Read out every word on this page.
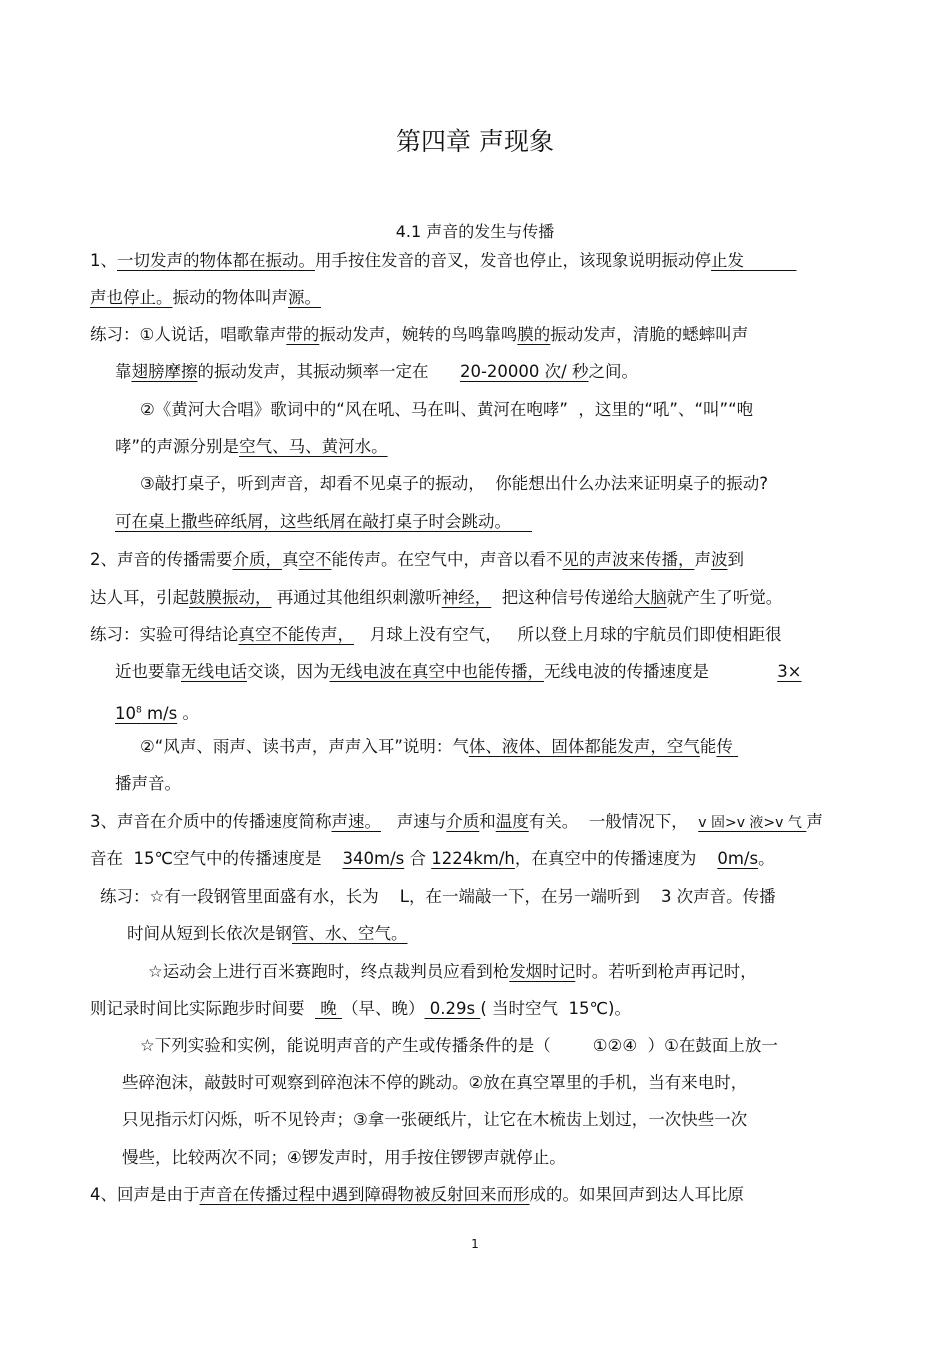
第四章 声现象
4.1 声音的发生与传播
1、一切发声的物体都在振动。用手按住发音的音叉，发音也停止，该现象说明振动停止发
声也停止。振动的物体叫声源。
练习：①人说话，唱歌靠声带的振动发声，婉转的鸟鸣靠鸣膜的振动发声，清脆的蟋蟀叫声
靠翅膀摩擦的振动发声，其振动频率一定在      20-20000 次/ 秒之间。
②《黄河大合唱》歌词中的“风在吼、马在叫、黄河在咆哮”  ，这里的“吼”、“叫”“咆
哮”的声源分别是空气、马、黄河水。
③敲打桌子，听到声音，却看不见桌子的振动，  你能想出什么办法来证明桌子的振动?
可在桌上撒些碎纸屑，这些纸屑在敲打桌子时会跳动。
2、声音的传播需要介质，真空不能传声。在空气中，声音以看不见的声波来传播，声波到
达人耳，引起鼓膜振动， 再通过其他组织刺激听神经，  把这种信号传递给大脑就产生了听觉。
练习：实验可得结论真空不能传声，   月球上没有空气，   所以登上月球的宇航员们即使相距很
近也要靠无线电话交谈，因为无线电波在真空中也能传播，无线电波的传播速度是             3×
$10^8$ m/s 。
②“风声、雨声、读书声，声声入耳”说明：气体、液体、固体都能发声，空气能传
播声音。
3、声音在介质中的传播速度简称声速。   声速与介质和温度有关。  一般情况下，  v 固>v 液>v 气 声
音在  15℃空气中的传播速度是    340m/s 合 1224km/h，在真空中的传播速度为    0m/s。
练习：☆有一段钢管里面盛有水，长为    L，在一端敲一下，在另一端听到    3 次声音。传播
时间从短到长依次是钢管、水、空气。
☆运动会上进行百米赛跑时，终点裁判员应看到枪发烟时记时。若听到枪声再记时，
则记录时间比实际跑步时间要   晚 （早、晚） 0.29s ( 当时空气  15℃)。
☆下列实验和实例，能说明声音的产生或传播条件的是（        ①②④  ）①在鼓面上放一
些碎泡沫，敲鼓时可观察到碎泡沫不停的跳动。②放在真空罩里的手机，当有来电时，
只见指示灯闪烁，听不见铃声；③拿一张硬纸片，让它在木梳齿上划过，一次快些一次
慢些，比较两次不同；④锣发声时，用手按住锣锣声就停止。
4、回声是由于声音在传播过程中遇到障碍物被反射回来而形成的。如果回声到达人耳比原
1
